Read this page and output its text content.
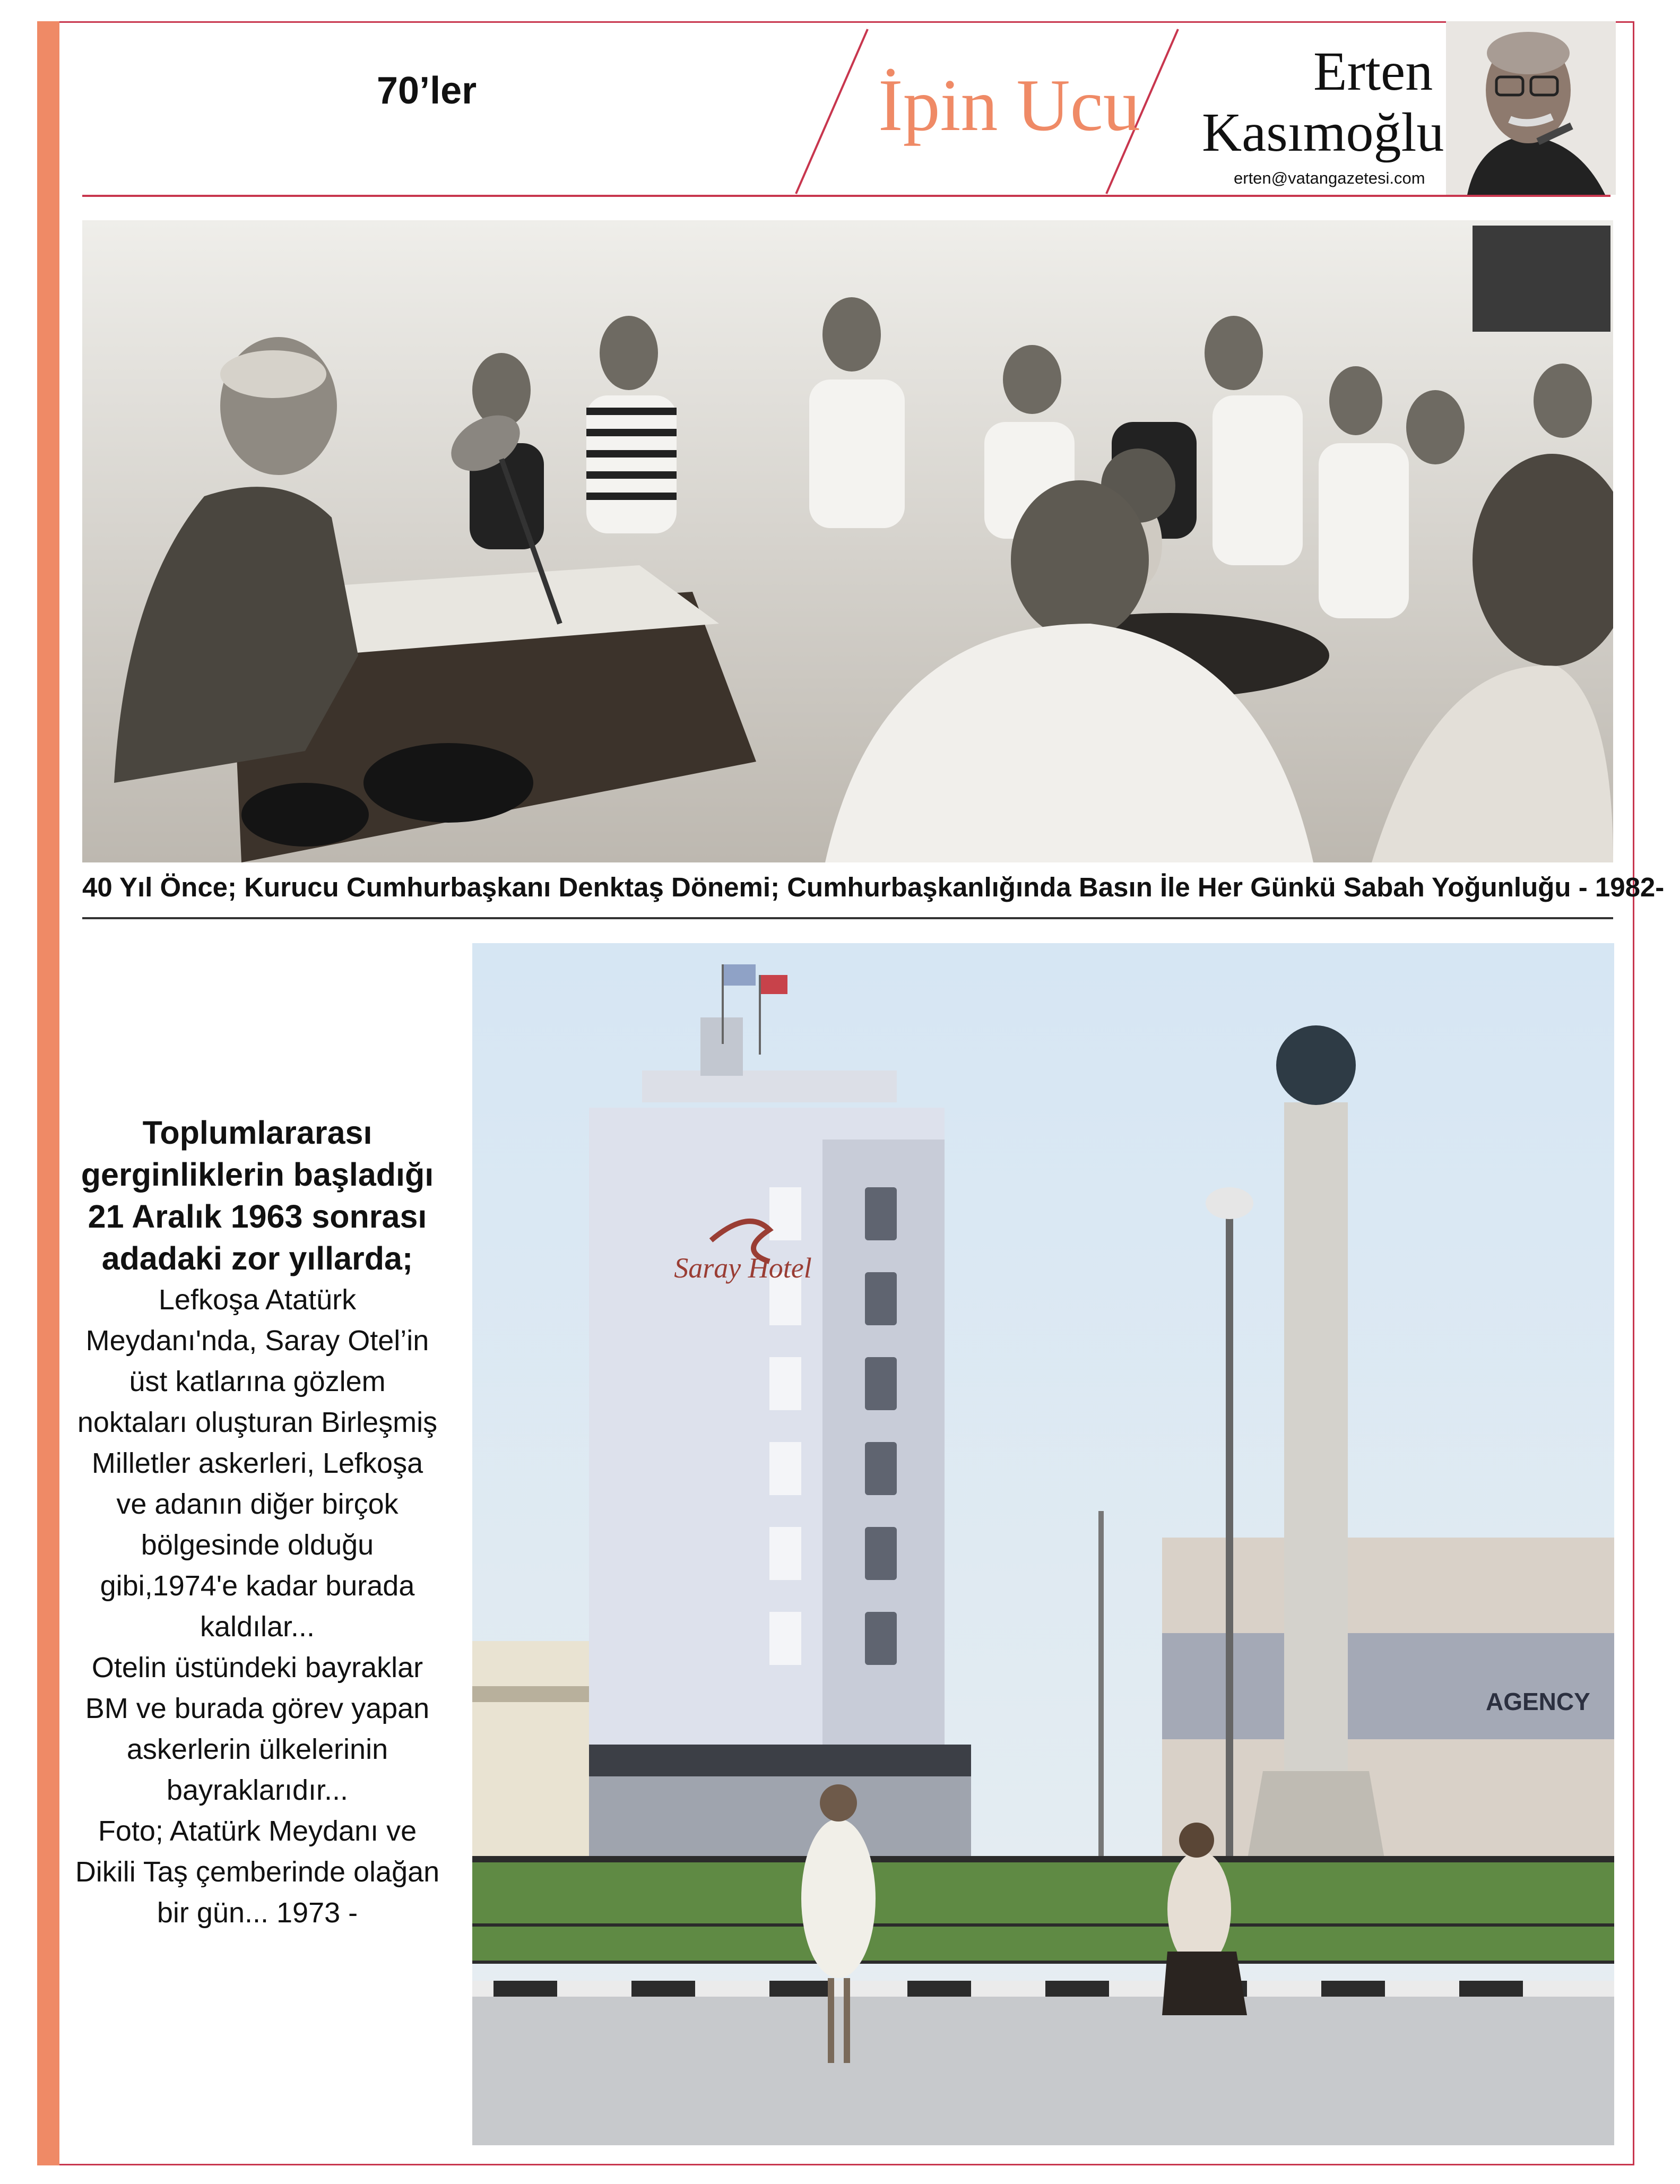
70’ler	İpin Ucu	Erten
Kasımoğlu
erten@vatangazetesi.com
40 Yıl Önce; Kurucu Cumhurbaşkanı Denktaş Dönemi; Cumhurbaşkanlığında Basın İle Her Günkü Sabah Yoğunluğu - 1982-

Toplumlararası gerginliklerin başladığı 21 Aralık 1963 sonrası adadaki zor yıllarda;

Lefkoşa Atatürk Meydanı'nda, Saray Otel’in üst katlarına gözlem noktaları oluşturan Birleşmiş Milletler askerleri, Lefkoşa ve adanın diğer birçok bölgesinde olduğu gibi,1974'e kadar burada kaldılar...
Otelin üstündeki bayraklar BM ve burada görev yapan askerlerin ülkelerinin bayraklarıdır...
Foto; Atatürk Meydanı ve Dikili Taş çemberinde olağan bir gün... 1973 -
Saray Hotel
AGENCY
